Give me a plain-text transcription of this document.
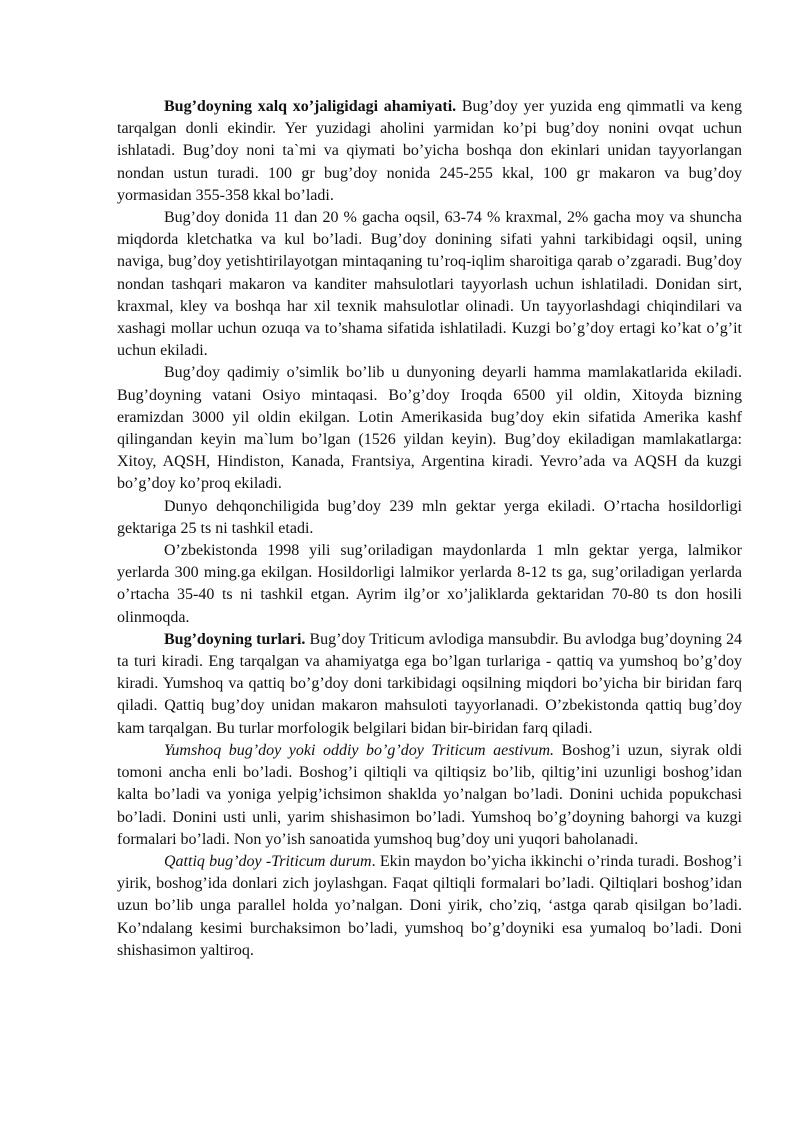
Bug’doyning xalq xo’jaligidagi ahamiyati. Bug’doy yer yuzida eng qimmatli va keng tarqalgan donli ekindir. Yer yuzidagi aholini yarmidan ko’pi bug’doy nonini ovqat uchun ishlatadi. Bug’doy noni ta`mi va qiymati bo’yicha boshqa don ekinlari unidan tayyorlangan nondan ustun turadi. 100 gr bug’doy nonida 245-255 kkal, 100 gr makaron va bug’doy yormasidan 355-358 kkal bo’ladi.

Bug’doy donida 11 dan 20 % gacha oqsil, 63-74 % kraxmal, 2% gacha moy va shuncha miqdorda kletchatka va kul bo’ladi. Bug’doy donining sifati yahni tarkibidagi oqsil, uning naviga, bug’doy yetishtirilayotgan mintaqaning tu’roq-iqlim sharoitiga qarab o’zgaradi. Bug’doy nondan tashqari makaron va kanditer mahsulotlari tayyorlash uchun ishlatiladi. Donidan sirt, kraxmal, kley va boshqa har xil texnik mahsulotlar olinadi. Un tayyorlashdagi chiqindilari va xashagi mollar uchun ozuqa va to’shama sifatida ishlatiladi. Kuzgi bo’g’doy ertagi ko’kat o’g’it uchun ekiladi.

Bug’doy qadimiy o’simlik bo’lib u dunyoning deyarli hamma mamlakatlarida ekiladi. Bug’doyning vatani Osiyo mintaqasi. Bo’g’doy Iroqda 6500 yil oldin, Xitoyda bizning eramizdan 3000 yil oldin ekilgan. Lotin Amerikasida bug’doy ekin sifatida Amerika kashf qilingandan keyin ma`lum bo’lgan (1526 yildan keyin). Bug’doy ekiladigan mamlakatlarga: Xitoy, AQSH, Hindiston, Kanada, Frantsiya, Argentina kiradi. Yevro’ada va AQSH da kuzgi bo’g’doy ko’proq ekiladi.

Dunyo dehqonchiligida bug’doy 239 mln gektar yerga ekiladi. O’rtacha hosildorligi gektariga 25 ts ni tashkil etadi.

O’zbekistonda 1998 yili sug’oriladigan maydonlarda 1 mln gektar yerga, lalmikor yerlarda 300 ming.ga ekilgan. Hosildorligi lalmikor yerlarda 8-12 ts ga, sug’oriladigan yerlarda o’rtacha 35-40 ts ni tashkil etgan. Ayrim ilg’or xo’jaliklarda gektaridan 70-80 ts don hosili olinmoqda.

Bug’doyning turlari. Bug’doy Triticum avlodiga mansubdir. Bu avlodga bug’doyning 24 ta turi kiradi. Eng tarqalgan va ahamiyatga ega bo’lgan turlariga - qattiq va yumshoq bo’g’doy kiradi. Yumshoq va qattiq bo’g’doy doni tarkibidagi oqsilning miqdori bo’yicha bir biridan farq qiladi. Qattiq bug’doy unidan makaron mahsuloti tayyorlanadi. O’zbekistonda qattiq bug’doy kam tarqalgan. Bu turlar morfologik belgilari bidan bir-biridan farq qiladi.

Yumshoq bug’doy yoki oddiy bo’g’doy Triticum aestivum. Boshog’i uzun, siyrak oldi tomoni ancha enli bo’ladi. Boshog’i qiltiqli va qiltiqsiz bo’lib, qiltig’ini uzunligi boshog’idan kalta bo’ladi va yoniga yelpig’ichsimon shaklda yo’nalgan bo’ladi. Donini uchida popukchasi bo’ladi. Donini usti unli, yarim shishasimon bo’ladi. Yumshoq bo’g’doyning bahorgi va kuzgi formalari bo’ladi. Non yo’ish sanoatida yumshoq bug’doy uni yuqori baholanadi.

Qattiq bug’doy -Triticum durum. Ekin maydon bo’yicha ikkinchi o’rinda turadi. Boshog’i yirik, boshog’ida donlari zich joylashgan. Faqat qiltiqli formalari bo’ladi. Qiltiqlari boshog’idan uzun bo’lib unga parallel holda yo’nalgan. Doni yirik, cho’ziq, ‘astga qarab qisilgan bo’ladi. Ko’ndalang kesimi burchaksimon bo’ladi, yumshoq bo’g’doyniki esa yumaloq bo’ladi. Doni shishasimon yaltiroq.
